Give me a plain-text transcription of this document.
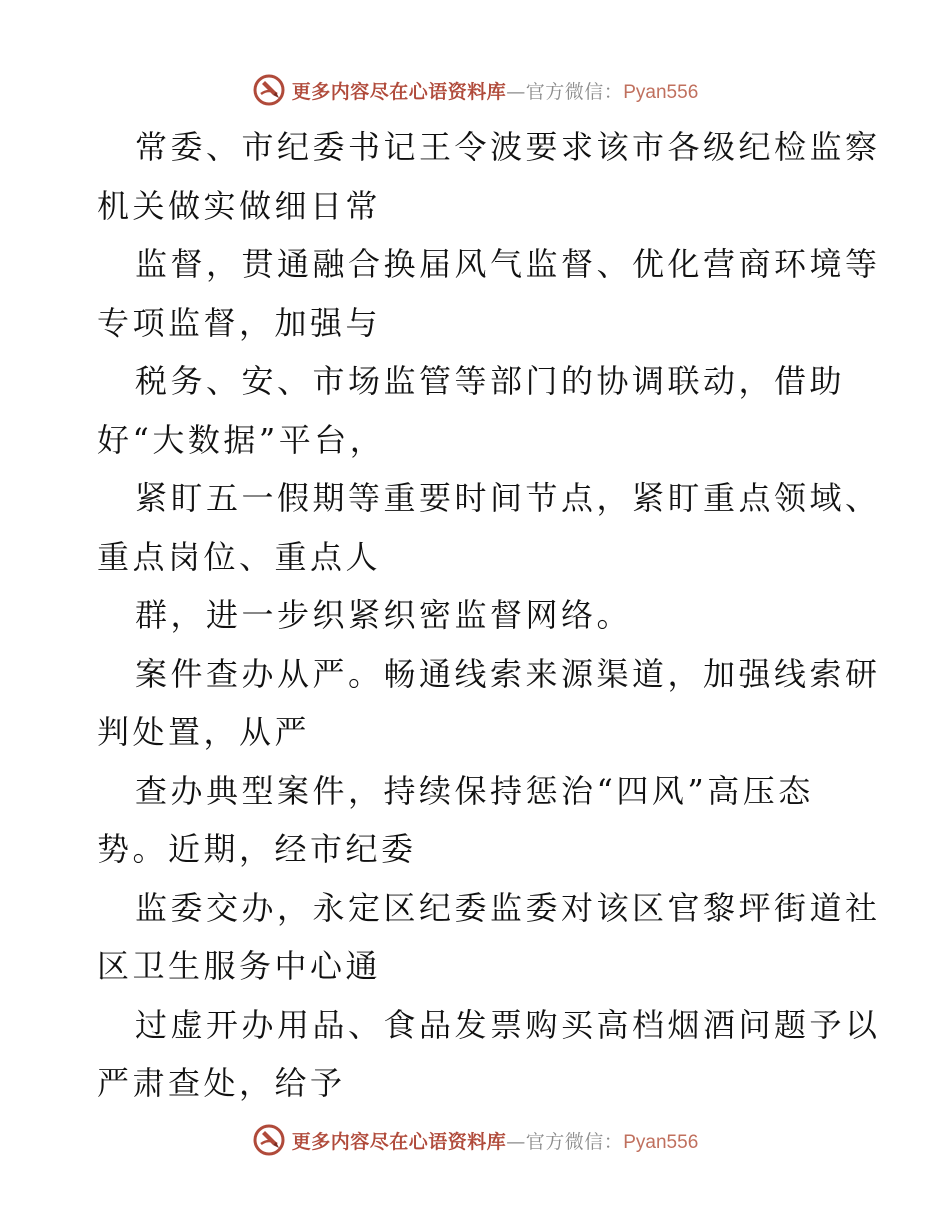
更多内容尽在心语资料库—官方微信：Pyan556
常委、市纪委书记王令波要求该市各级纪检监察
机关做实做细日常
监督，贯通融合换届风气监督、优化营商环境等
专项监督，加强与
税务、安、市场监管等部门的协调联动，借助
好“大数据”平台，
紧盯五一假期等重要时间节点，紧盯重点领域、
重点岗位、重点人
群，进一步织紧织密监督网络。
案件查办从严。畅通线索来源渠道，加强线索研
判处置，从严
查办典型案件，持续保持惩治“四风”高压态
势。近期，经市纪委
监委交办，永定区纪委监委对该区官黎坪街道社
区卫生服务中心通
过虚开办用品、食品发票购买高档烟酒问题予以
严肃查处，给予
更多内容尽在心语资料库—官方微信：Pyan556
